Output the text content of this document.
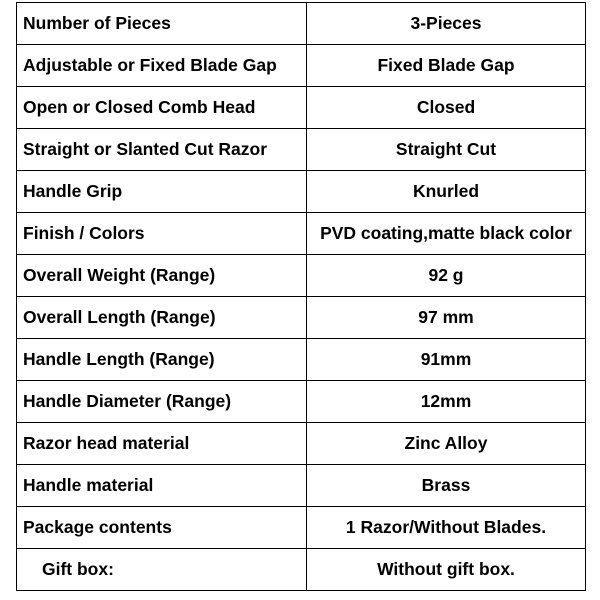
Number of Pieces	3-Pieces
Adjustable or Fixed Blade Gap	Fixed Blade Gap
Open or Closed Comb Head	Closed
Straight or Slanted Cut Razor	Straight Cut
Handle Grip	Knurled
Finish / Colors	PVD coating,matte black color
Overall Weight (Range)	92 g
Overall Length (Range)	97 mm
Handle Length (Range)	91mm
Handle Diameter (Range)	12mm
Razor head material	Zinc Alloy
Handle material	Brass
Package contents	1 Razor/Without Blades.
Gift box:	Without gift box.
